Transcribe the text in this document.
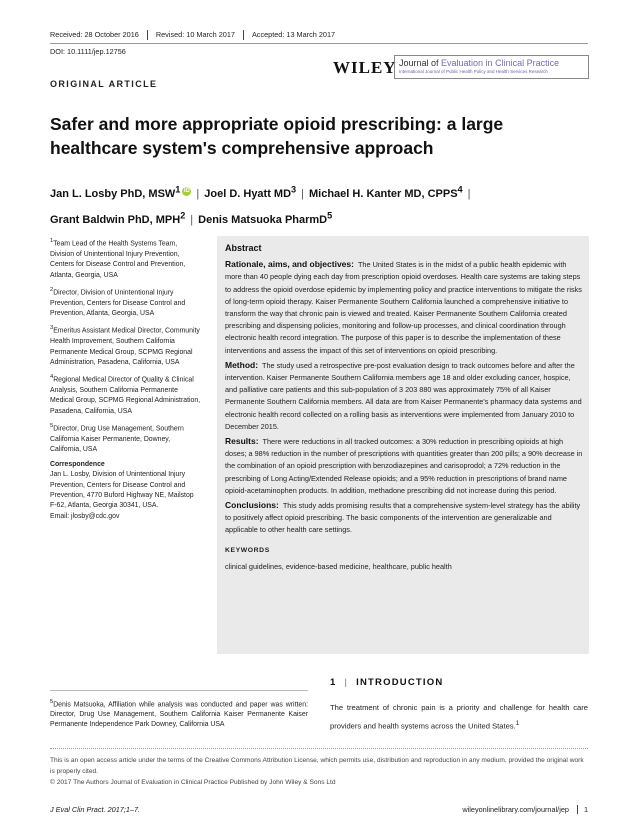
Received: 28 October 2016	Revised: 10 March 2017	Accepted: 13 March 2017
DOI: 10.1111/jep.12756
WILEY Journal of Evaluation in Clinical Practice
International Journal of Public Health Policy and Health Services Research
ORIGINAL ARTICLE
Safer and more appropriate opioid prescribing: a large healthcare system's comprehensive approach
Jan L. Losby PhD, MSW$^1$ iD | Joel D. Hyatt $MD^3$ | Michael H. Kanter MD, CPPS$^4$ |
Grant Baldwin PhD, MPH$^2$ | Denis Matsuoka PharmD$^5$

$^1$Team Lead of the Health Systems Team, Division of Unintentional Injury Prevention, Centers for Disease Control and Prevention, Atlanta, Georgia, USA

$^2$Director, Division of Unintentional Injury Prevention, Centers for Disease Control and Prevention, Atlanta, Georgia, USA

$^3$Emeritus Assistant Medical Director, Community Health Improvement, Southern California Permanente Medical Group, SCPMG Regional Administration, Pasadena, California, USA

$^4$Regional Medical Director of Quality & Clinical Analysis, Southern California Permanente Medical Group, SCPMG Regional Administration, Pasadena, California, USA

$^5$Director, Drug Use Management, Southern California Kaiser Permanente, Downey, California, USA

Correspondence
Jan L. Losby, Division of Unintentional Injury Prevention, Centers for Disease Control and Prevention, 4770 Buford Highway NE, Mailstop F-62, Atlanta, Georgia 30341, USA.
Email: jlosby@cdc.gov

Abstract

Rationale, aims, and objectives: The United States is in the midst of a public health epidemic with more than 40 people dying each day from prescription opioid overdoses. Health care systems are taking steps to address the opioid overdose epidemic by implementing policy and practice interventions to mitigate the risks of long-term opioid therapy. Kaiser Permanente Southern California launched a comprehensive initiative to transform the way that chronic pain is viewed and treated. Kaiser Permanente Southern California created prescribing and dispensing policies, monitoring and follow-up processes, and clinical coordination through electronic health record integration. The purpose of this paper is to describe the implementation of these interventions and assess the impact of this set of interventions on opioid prescribing.

Method: The study used a retrospective pre-post evaluation design to track outcomes before and after the intervention. Kaiser Permanente Southern California members age 18 and older excluding cancer, hospice, and palliative care patients and this sub-population of 3 203 880 was approximately 75% of all Kaiser Permanente Southern California members. All data are from Kaiser Permanente's pharmacy data systems and electronic health record collected on a rolling basis as interventions were implemented from January 2010 to December 2015.

Results: There were reductions in all tracked outcomes: a 30% reduction in prescribing opioids at high doses; a 98% reduction in the number of prescriptions with quantities greater than 200 pills; a 90% decrease in the combination of an opioid prescription with benzodiazepines and carisoprodol; a 72% reduction in the prescribing of Long Acting/Extended Release opioids; and a 95% reduction in prescriptions of brand name opioid-acetaminophen products. In addition, methadone prescribing did not increase during this period.

Conclusions: This study adds promising results that a comprehensive system-level strategy has the ability to positively affect opioid prescribing. The basic components of the intervention are generalizable and applicable to other health care settings.

KEYWORDS
clinical guidelines, evidence-based medicine, healthcare, public health
$^5$Denis Matsuoka, Affiliation while analysis was conducted and paper was written: Director, Drug Use Management, Southern California Kaiser Permanente Kaiser Permanente Independence Park Downey, California USA
1 | INTRODUCTION
The treatment of chronic pain is a priority and challenge for health care providers and health systems across the United States.$^1$
This is an open access article under the terms of the Creative Commons Attribution License, which permits use, distribution and reproduction in any medium, provided the original work is properly cited.
© 2017 The Authors Journal of Evaluation in Clinical Practice Published by John Wiley & Sons Ltd
J Eval Clin Pract. 2017;1–7.	wileyonlinelibrary.com/journal/jep 1
